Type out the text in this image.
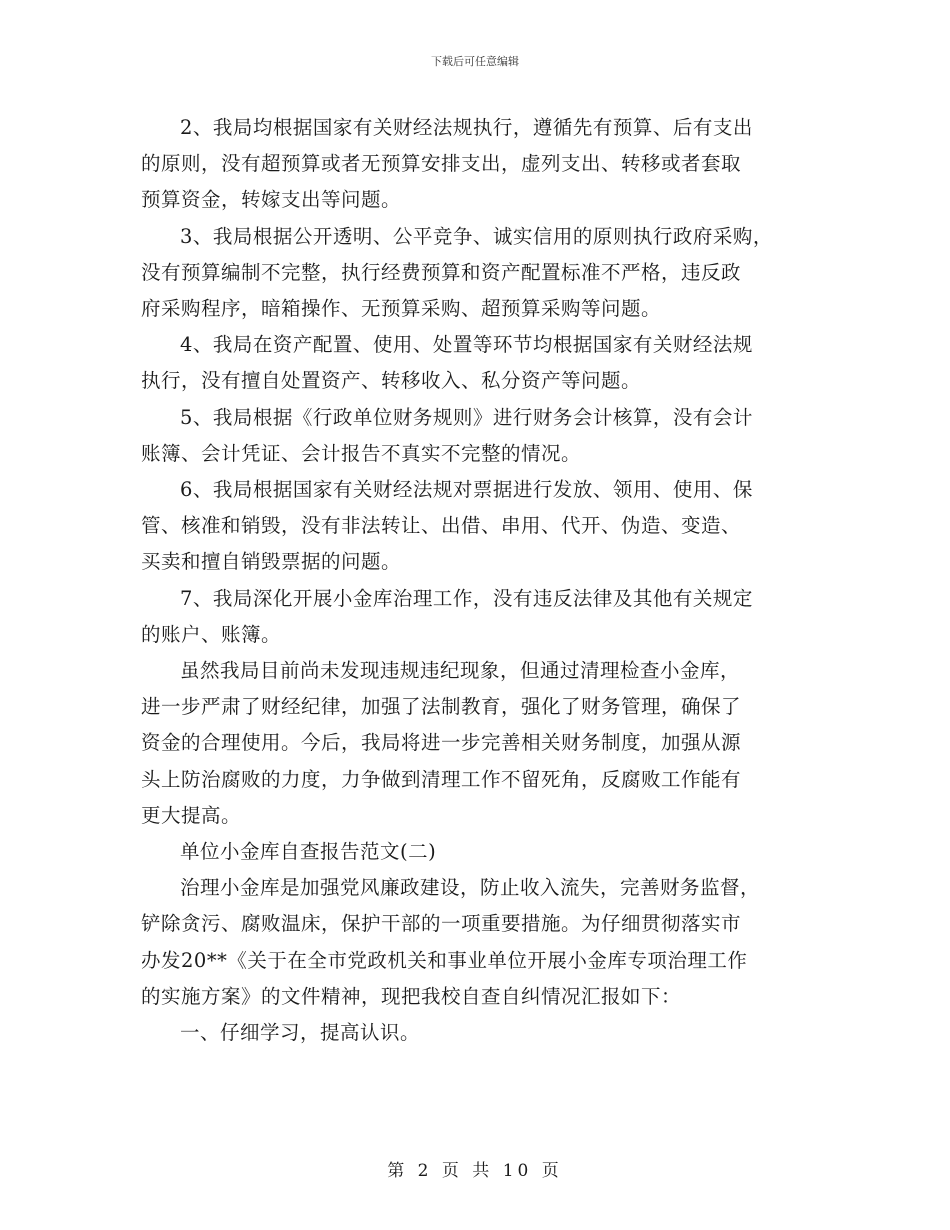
下载后可任意编辑

2、我局均根据国家有关财经法规执行，遵循先有预算、后有支出
的原则，没有超预算或者无预算安排支出，虚列支出、转移或者套取
预算资金，转嫁支出等问题。

3、我局根据公开透明、公平竞争、诚实信用的原则执行政府采购，
没有预算编制不完整，执行经费预算和资产配置标准不严格，违反政
府采购程序，暗箱操作、无预算采购、超预算采购等问题。

4、我局在资产配置、使用、处置等环节均根据国家有关财经法规
执行，没有擅自处置资产、转移收入、私分资产等问题。

5、我局根据《行政单位财务规则》进行财务会计核算，没有会计
账簿、会计凭证、会计报告不真实不完整的情况。

6、我局根据国家有关财经法规对票据进行发放、领用、使用、保
管、核准和销毁，没有非法转让、出借、串用、代开、伪造、变造、
买卖和擅自销毁票据的问题。

7、我局深化开展小金库治理工作，没有违反法律及其他有关规定
的账户、账簿。

虽然我局目前尚未发现违规违纪现象，但通过清理检查小金库，
进一步严肃了财经纪律，加强了法制教育，强化了财务管理，确保了
资金的合理使用。今后，我局将进一步完善相关财务制度，加强从源
头上防治腐败的力度，力争做到清理工作不留死角，反腐败工作能有
更大提高。

单位小金库自查报告范文(二)

治理小金库是加强党风廉政建设，防止收入流失，完善财务监督，
铲除贪污、腐败温床，保护干部的一项重要措施。为仔细贯彻落实市
办发20**《关于在全市党政机关和事业单位开展小金库专项治理工作
的实施方案》的文件精神，现把我校自查自纠情况汇报如下：

一、仔细学习，提高认识。

第 2 页 共 10 页
